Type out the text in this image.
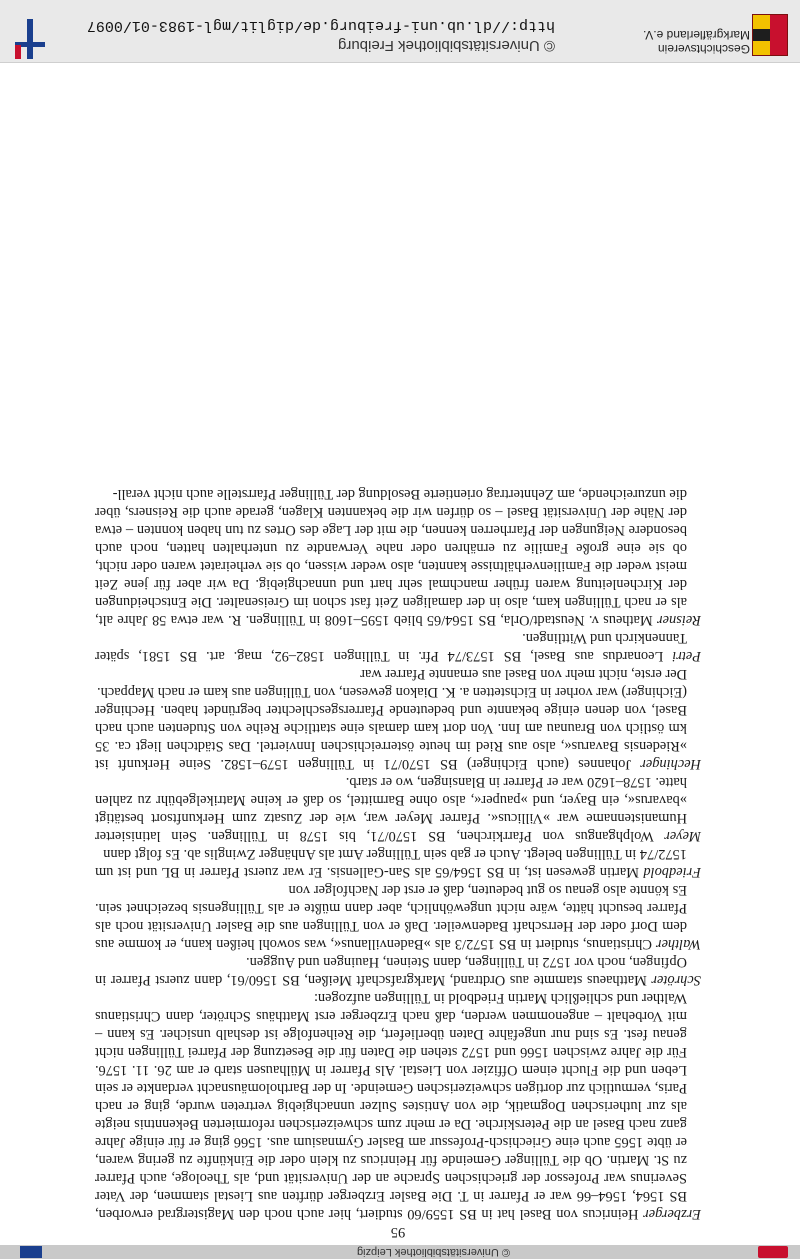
© Universitätsbibliothek Leipzig

95

Erzberger Heinricus von Basel hat in BS 1559/60 studiert, hier auch noch den Magistergrad erworben, BS 1564, 1564–66 war er Pfarrer in T. Die Basler Erzberger dürften aus Liestal stammen, der Vater Severinus war Professor der griechischen Sprache an der Universität und, als Theologe, auch Pfarrer zu St. Martin. Ob die Tüllinger Gemeinde für Heinricus zu klein oder die Einkünfte zu gering waren, er übte 1565 auch eine Griechisch-Professur am Basler Gymnasium aus. 1566 ging er für einige Jahre ganz nach Basel an die Peterskirche. Da er mehr zum schweizerischen reformierten Bekenntnis neigte als zur lutherischen Dogmatik, die von Antistes Sulzer unnachgiebig vertreten wurde, ging er nach Paris, vermutlich zur dortigen schweizerischen Gemeinde. In der Bartholomäusnacht verdankte er sein Leben und die Flucht einem Offizier von Liestal. Als Pfarrer in Mülhausen starb er am 26. 11. 1576. Für die Jahre zwischen 1566 und 1572 stehen die Daten für die Besetzung der Pfarrei Tüllingen nicht genau fest. Es sind nur ungefähre Daten überliefert, die Reihenfolge ist deshalb unsicher. Es kann – mit Vorbehalt – angenommen werden, daß nach Erzberger erst Matthäus Schröter, dann Christianus Walther und schließlich Martin Friedbold in Tüllingen aufzogen:

Schröter Matthaeus stammte aus Ordtrand, Markgrafschaft Meißen, BS 1560/61, dann zuerst Pfarrer in Opfingen, noch vor 1572 in Tüllingen, dann Steinen, Hauingen und Auggen.

Walther Christianus, studiert in BS 1572/3 als »Badenvillanus«, was sowohl heißen kann, er komme aus dem Dorf oder der Herrschaft Badenweiler. Daß er von Tüllingen aus die Basler Universität noch als Pfarrer besucht hätte, wäre nicht ungewöhnlich, aber dann müßte er als Tüllingensis bezeichnet sein. Es könnte also genau so gut bedeuten, daß er erst der Nachfolger von

Friedbold Martin gewesen ist, in BS 1564/65 als San-Gallensis. Er war zuerst Pfarrer in BL und ist um 1572/74 in Tüllingen belegt. Auch er gab sein Tüllinger Amt als Anhänger Zwinglis ab. Es folgt dann

Meyer Wolphgangus von Pfarrkirchen, BS 1570/71, bis 1578 in Tüllingen. Sein latinisierter Humanistenname war »Villicus«. Pfarrer Meyer war, wie der Zusatz zum Herkunftsort bestätigt »bavarus«, ein Bayer, und »pauper«, also ohne Barmittel, so daß er keine Matrikelgebühr zu zahlen hatte. 1578–1620 war er Pfarrer in Blansingen, wo er starb.

Hechinger Johannes (auch Eichinger) BS 1570/71 in Tüllingen 1579–1582. Seine Herkunft ist »Riedensis Bavarus«, also aus Ried im heute österreichischen Innviertel. Das Städtchen liegt ca. 35 km östlich von Braunau am Inn. Von dort kam damals eine stattliche Reihe von Studenten auch nach Basel, von denen einige bekannte und bedeutende Pfarrersgeschlechter begründet haben. Hechinger (Eichinger) war vorher in Eichstetten a. K. Diakon gewesen, von Tüllingen aus kam er nach Mappach.

Der erste, nicht mehr von Basel aus ernannte Pfarrer war

Petri Leonardus aus Basel, BS 1573/74 Pfr. in Tüllingen 1582–92, mag. art. BS 1581, später Tannenkirch und Wittlingen.

Reisner Matheus v. Neustadt/Orla, BS 1564/65 blieb 1595–1608 in Tüllingen. R. war etwa 58 Jahre alt, als er nach Tüllingen kam, also in der damaligen Zeit fast schon im Greisenalter. Die Entscheidungen der Kirchenleitung waren früher manchmal sehr hart und unnachgiebig. Da wir aber für jene Zeit meist weder die Familienverhältnisse kannten, also weder wissen, ob sie verheiratet waren oder nicht, ob sie eine große Familie zu ernähren oder nahe Verwandte zu unterhalten hatten, noch auch besondere Neigungen der Pfarrherren kennen, die mit der Lage des Ortes zu tun haben konnten – etwa der Nähe der Universität Basel – so dürfen wir die bekannten Klagen, gerade auch die Reisners, über die unzureichende, am Zehntertrag orientierte Besoldung der Tüllinger Pfarrstelle auch nicht verall-

Geschichtsverein
Markgräflerland e.V.
© Universitätsbibliothek Freiburg
http://dl.ub.uni-freiburg.de/diglit/mgl-1983-01/0097
